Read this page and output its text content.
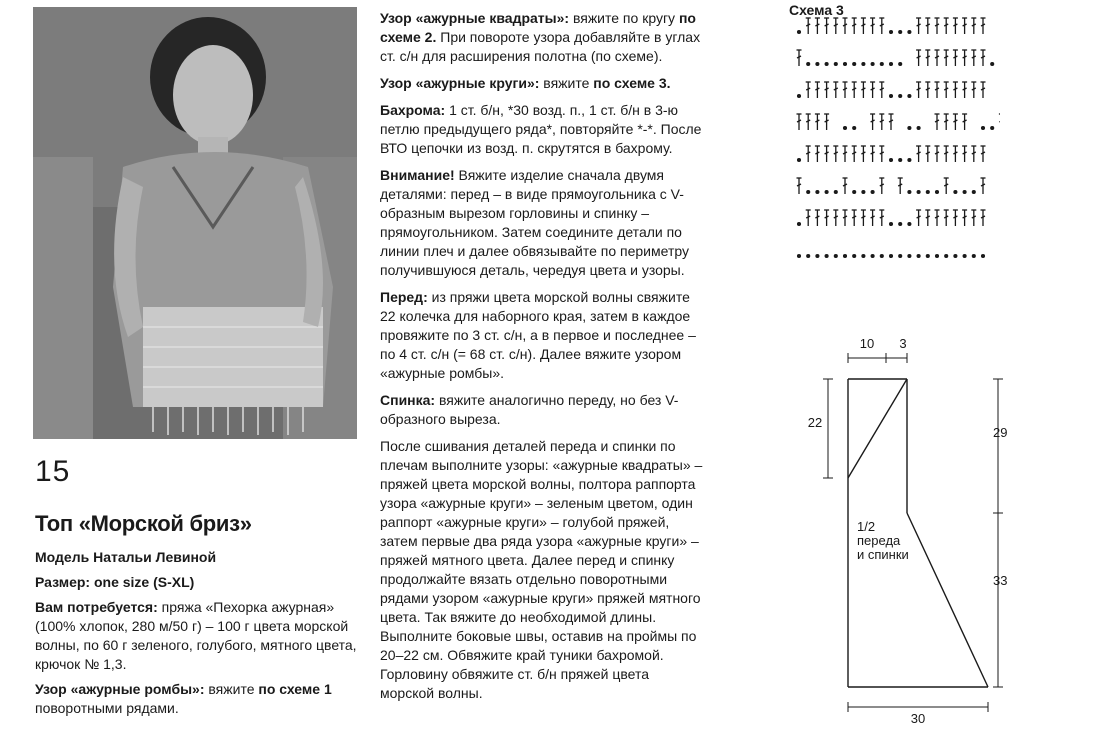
15
Топ «Морской бриз»

Модель Натальи Левиной

Размер: one size (S-XL)

Вам потребуется: пряжа «Пехорка ажурная» (100% хлопок, 280 м/50 г) – 100 г цвета морской волны, по 60 г зеленого, голубого, мятного цвета, крючок № 1,3.

Узор «ажурные ромбы»: вяжите по схеме 1 поворотными рядами.

Узор «ажурные квадраты»: вяжите по кругу по схеме 2. При повороте узора добавляйте в углах ст. с/н для расширения полотна (по схеме).

Узор «ажурные круги»: вяжите по схеме 3.

Бахрома: 1 ст. б/н, *30 возд. п., 1 ст. б/н в 3-ю петлю предыдущего ряда*, повторяйте *-*. После ВТО цепочки из возд. п. скрутятся в бахрому.

Внимание! Вяжите изделие сначала двумя деталями: перед – в виде прямоугольника с V-образным вырезом горловины и спинку – прямоугольником. Затем соедините детали по линии плеч и далее обвязывайте по периметру получившуюся деталь, чередуя цвета и узоры.

Перед: из пряжи цвета морской волны свяжите 22 колечка для наборного края, затем в каждое провяжите по 3 ст. с/н, а в первое и последнее – по 4 ст. с/н (= 68 ст. с/н). Далее вяжите узором «ажурные ромбы».

Спинка: вяжите аналогично переду, но без V-образного выреза.

После сшивания деталей переда и спинки по плечам выполните узоры: «ажурные квадраты» – пряжей цвета морской волны, полтора раппорта узора «ажурные круги» – зеленым цветом, один раппорт «ажурные круги» – голубой пряжей, затем первые два ряда узора «ажурные круги» – пряжей мятного цвета. Далее перед и спинку продолжайте вязать отдельно поворотными рядами узором «ажурные круги» пряжей мятного цвета. Так вяжите до необходимой длины. Выполните боковые швы, оставив на проймы по 20–22 см. Обвяжите край туники бахромой. Горловину обвяжите ст. б/н пряжей цвета морской волны.

Схема 3
10 3
22
29
33
30
1/2
переда
и спинки
